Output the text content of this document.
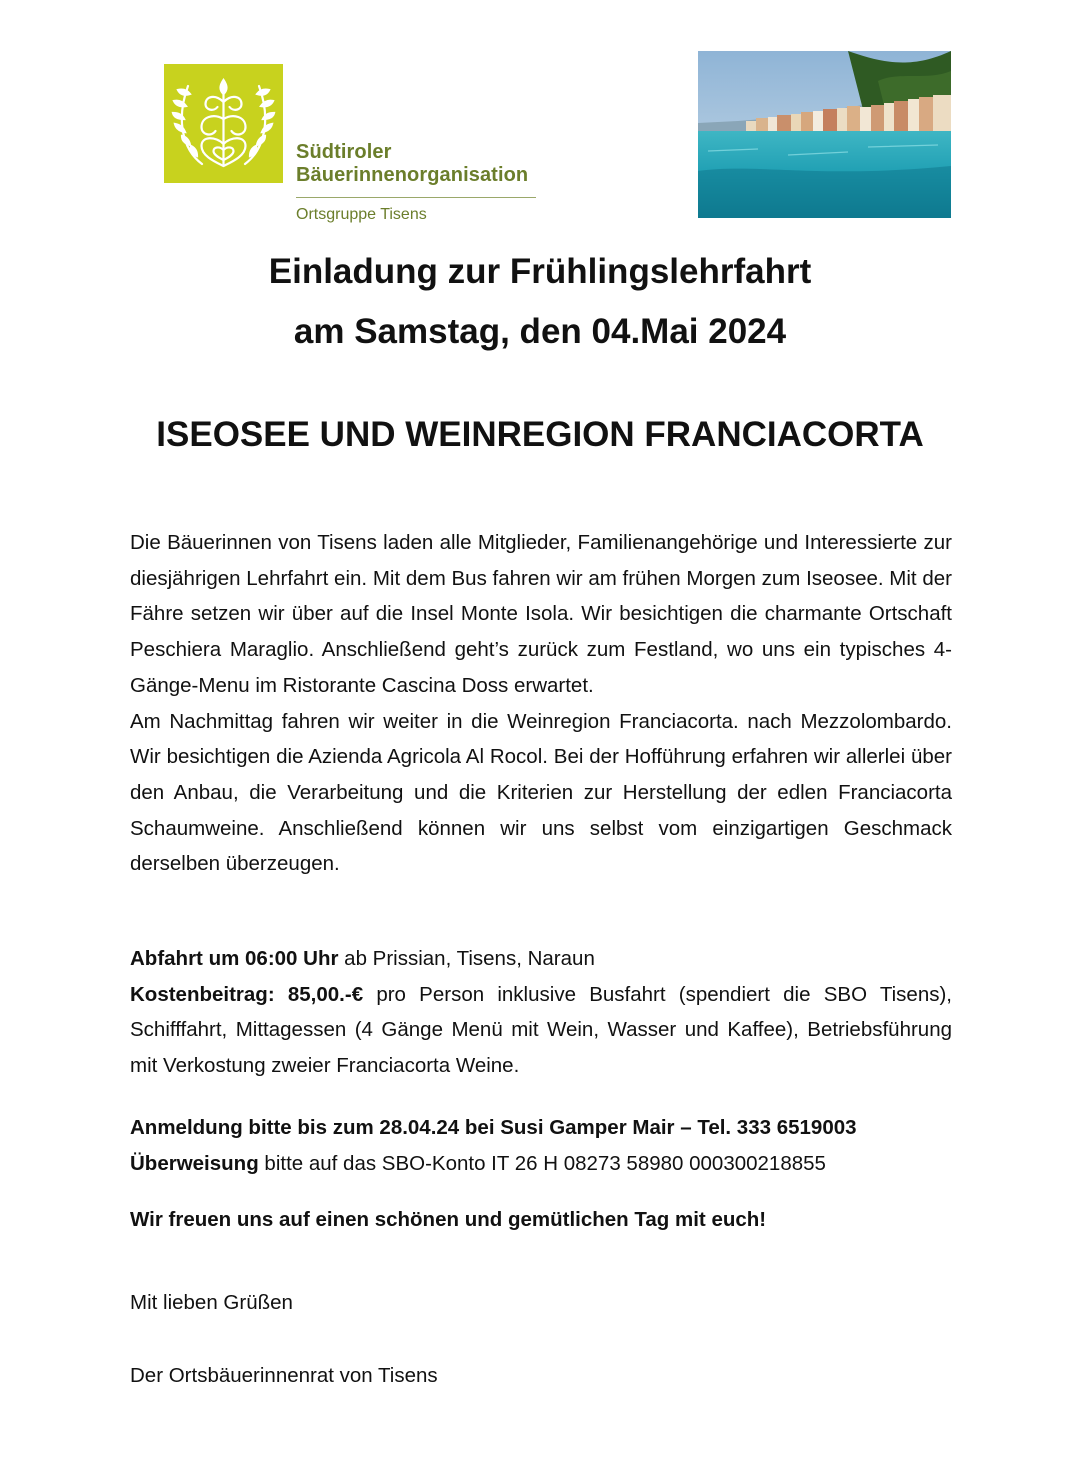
Südtiroler
Bäuerinnenorganisation
Ortsgruppe Tisens
Einladung zur Frühlingslehrfahrt
am Samstag, den 04.Mai 2024
ISEOSEE UND WEINREGION FRANCIACORTA

Die Bäuerinnen von Tisens laden alle Mitglieder, Familienangehörige und Interessierte zur diesjährigen Lehrfahrt ein. Mit dem Bus fahren wir am frühen Morgen zum Iseosee. Mit der Fähre setzen wir über auf die Insel Monte Isola. Wir besichtigen die charmante Ortschaft Peschiera Maraglio. Anschließend geht’s zurück zum Festland, wo uns ein typisches 4-Gänge-Menu im Ristorante Cascina Doss erwartet.

Am Nachmittag fahren wir weiter in die Weinregion Franciacorta. nach Mezzolombardo. Wir besichtigen die Azienda Agricola Al Rocol. Bei der Hofführung erfahren wir allerlei über den Anbau, die Verarbeitung und die Kriterien zur Herstellung der edlen Franciacorta Schaumweine. Anschließend können wir uns selbst vom einzigartigen Geschmack derselben überzeugen.

Abfahrt um 06:00 Uhr ab Prissian, Tisens, Naraun

Kostenbeitrag: 85,00.-€ pro Person inklusive Busfahrt (spendiert die SBO Tisens), Schifffahrt, Mittagessen (4 Gänge Menü mit Wein, Wasser und Kaffee), Betriebsführung mit Verkostung zweier Franciacorta Weine.

Anmeldung bitte bis zum 28.04.24 bei Susi Gamper Mair – Tel. 333 6519003

Überweisung bitte auf das SBO-Konto IT 26 H 08273 58980 000300218855

Wir freuen uns auf einen schönen und gemütlichen Tag mit euch!
Mit lieben Grüßen
Der Ortsbäuerinnenrat von Tisens
